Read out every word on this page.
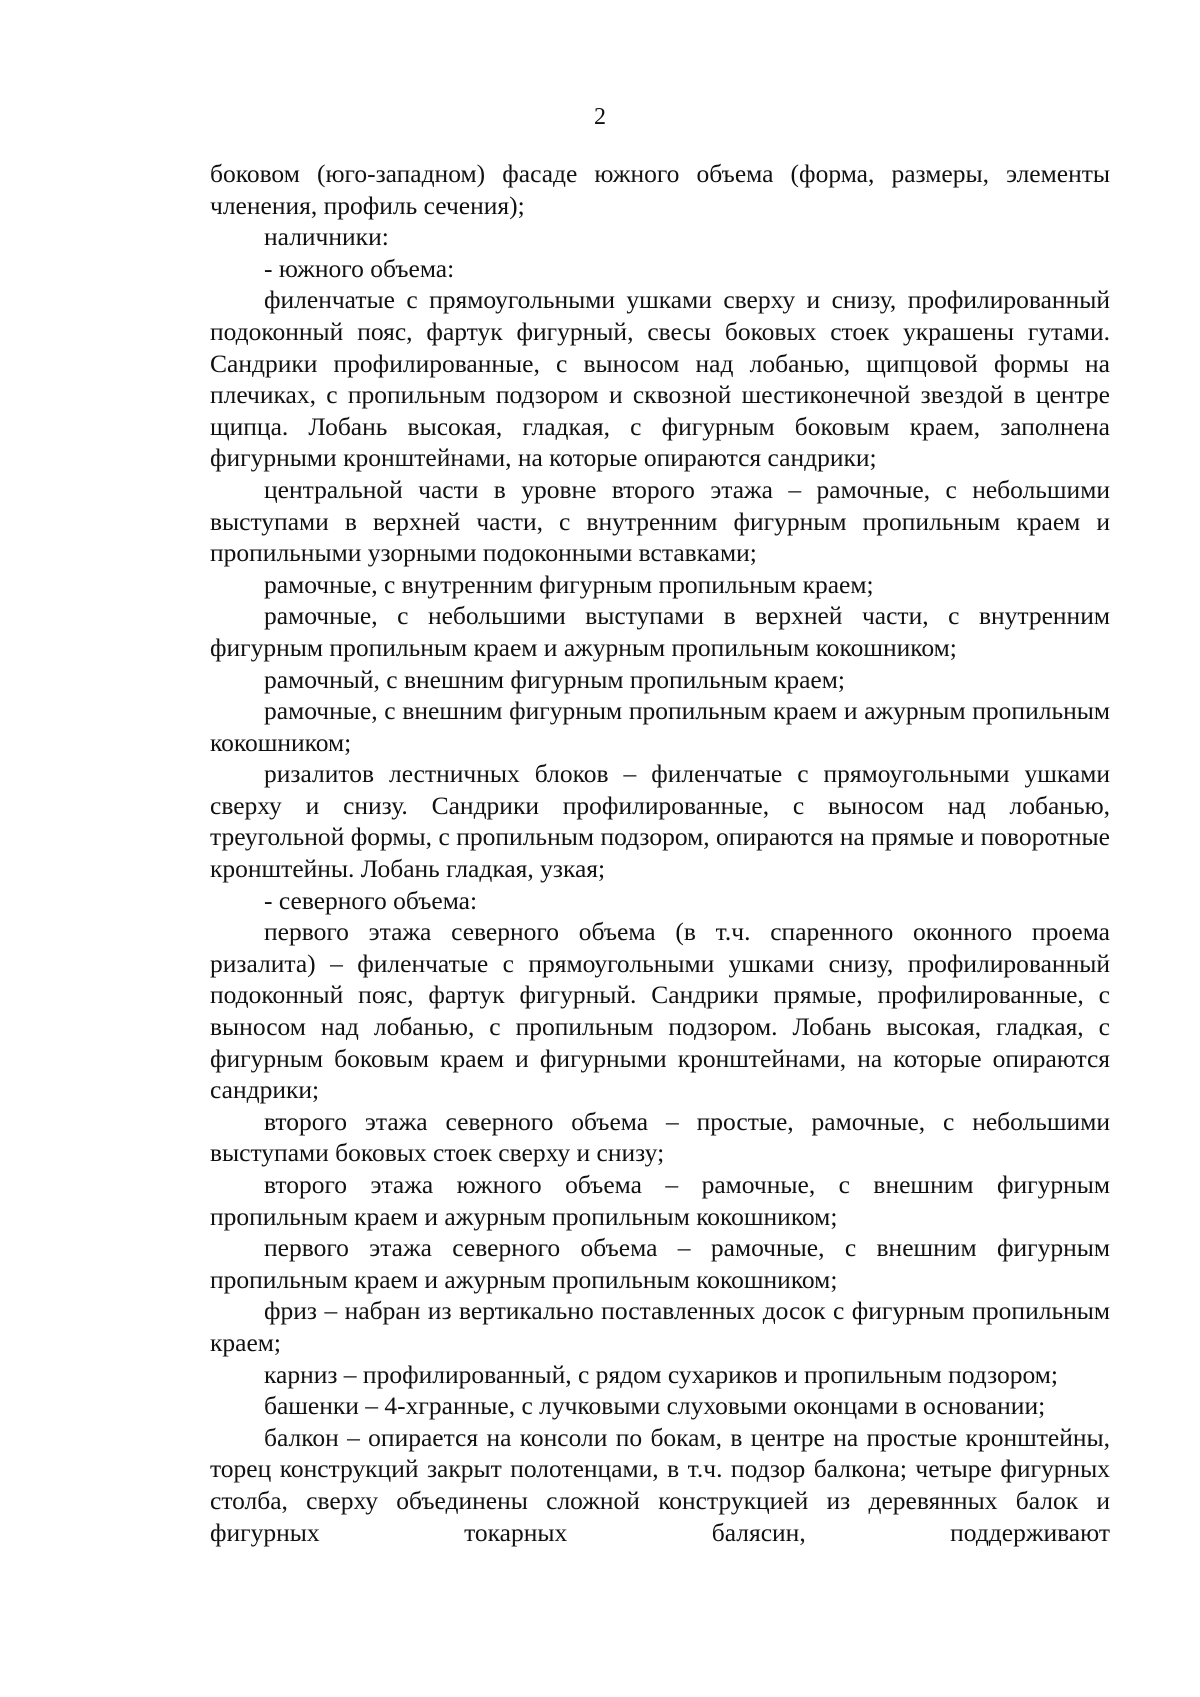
2

боковом (юго-западном) фасаде южного объема (форма, размеры, элементы членения, профиль сечения);

наличники:

- южного объема:

филенчатые с прямоугольными ушками сверху и снизу, профилированный подоконный пояс, фартук фигурный, свесы боковых стоек украшены гутами. Сандрики профилированные, с выносом над лобанью, щипцовой формы на плечиках, с пропильным подзором и сквозной шестиконечной звездой в центре щипца. Лобань высокая, гладкая, с фигурным боковым краем, заполнена фигурными кронштейнами, на которые опираются сандрики;

центральной части в уровне второго этажа – рамочные, с небольшими выступами в верхней части, с внутренним фигурным пропильным краем и пропильными узорными подоконными вставками;

рамочные, с внутренним фигурным пропильным краем;

рамочные, с небольшими выступами в верхней части, с внутренним фигурным пропильным краем и ажурным пропильным кокошником;

рамочный, с внешним фигурным пропильным краем;

рамочные, с внешним фигурным пропильным краем и ажурным пропильным кокошником;

ризалитов лестничных блоков – филенчатые с прямоугольными ушками сверху и снизу. Сандрики профилированные, с выносом над лобанью, треугольной формы, с пропильным подзором, опираются на прямые и поворотные кронштейны. Лобань гладкая, узкая;

- северного объема:

первого этажа северного объема (в т.ч. спаренного оконного проема ризалита) – филенчатые с прямоугольными ушками снизу, профилированный подоконный пояс, фартук фигурный. Сандрики прямые, профилированные, с выносом над лобанью, с пропильным подзором. Лобань высокая, гладкая, с фигурным боковым краем и фигурными кронштейнами, на которые опираются сандрики;

второго этажа северного объема – простые, рамочные, с небольшими выступами боковых стоек сверху и снизу;

второго этажа южного объема – рамочные, с внешним фигурным пропильным краем и ажурным пропильным кокошником;

первого этажа северного объема – рамочные, с внешним фигурным пропильным краем и ажурным пропильным кокошником;

фриз – набран из вертикально поставленных досок с фигурным пропильным краем;

карниз – профилированный, с рядом сухариков и пропильным подзором;

башенки – 4-хгранные, с лучковыми слуховыми оконцами в основании;

балкон – опирается на консоли по бокам, в центре на простые кронштейны, торец конструкций закрыт полотенцами, в т.ч. подзор балкона; четыре фигурных столба, сверху объединены сложной конструкцией из деревянных балок и фигурных токарных балясин, поддерживают
